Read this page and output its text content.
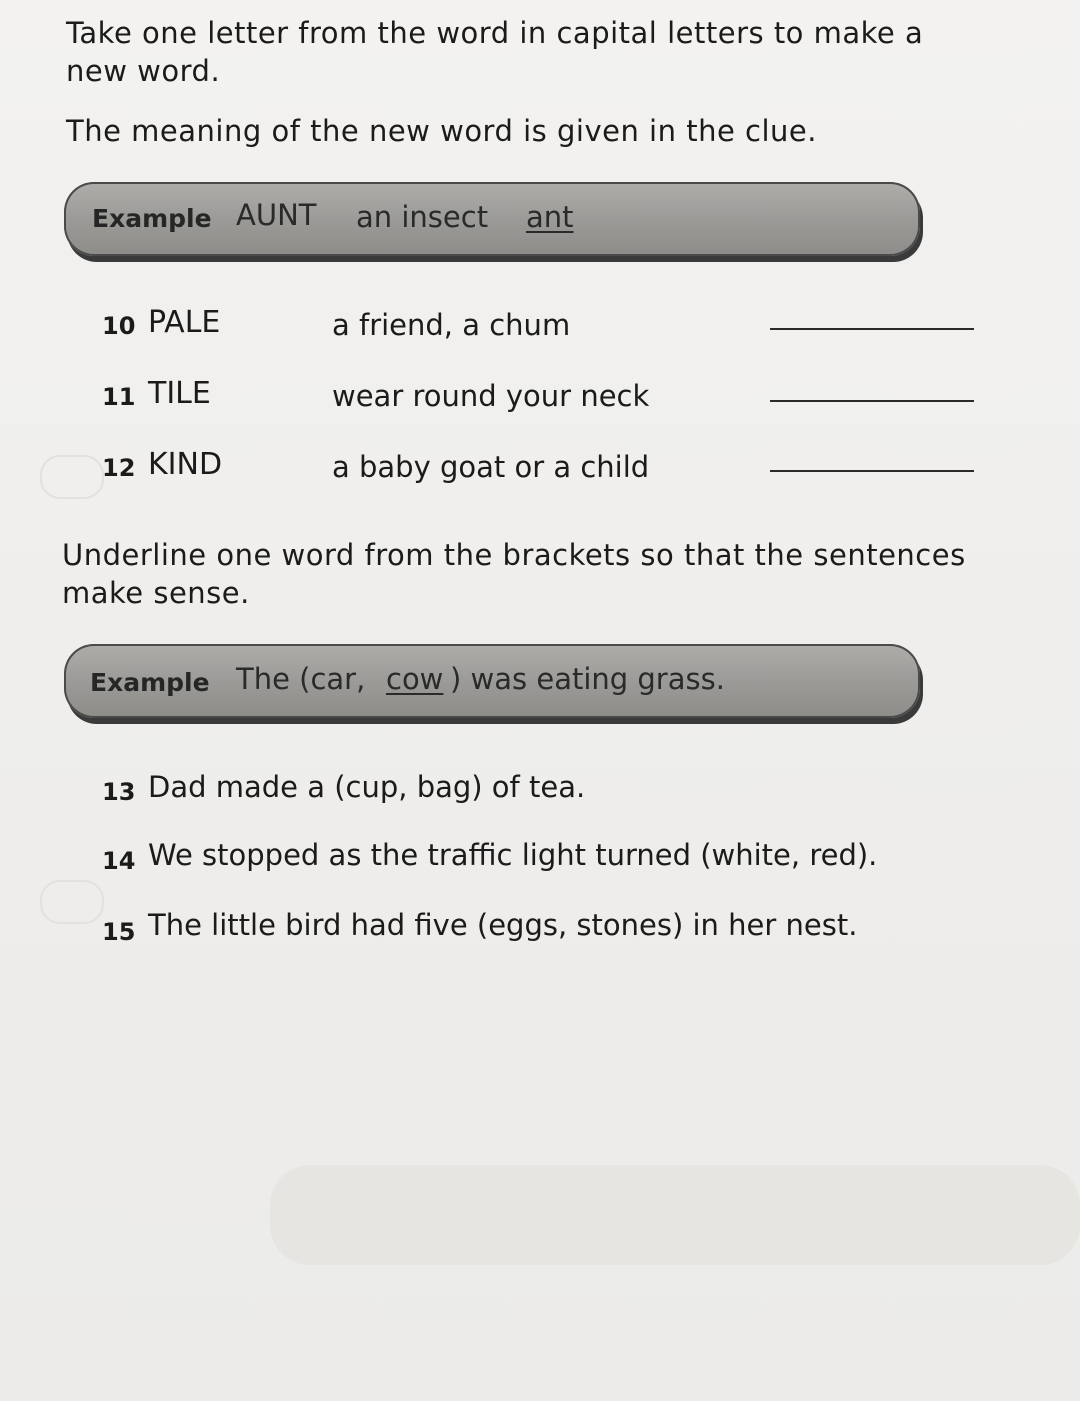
Take one letter from the word in capital letters to make a
new word.
The meaning of the new word is given in the clue.
Example AUNT an insect ant
10 PALE	a friend, a chum
11 TILE	wear round your neck
12 KIND	a baby goat or a child
Underline one word from the brackets so that the sentences
make sense.
Example The (car, cow ) was eating grass.
13 Dad made a (cup, bag) of tea.
14 We stopped as the traffic light turned (white, red).
15 The little bird had five (eggs, stones) in her nest.
